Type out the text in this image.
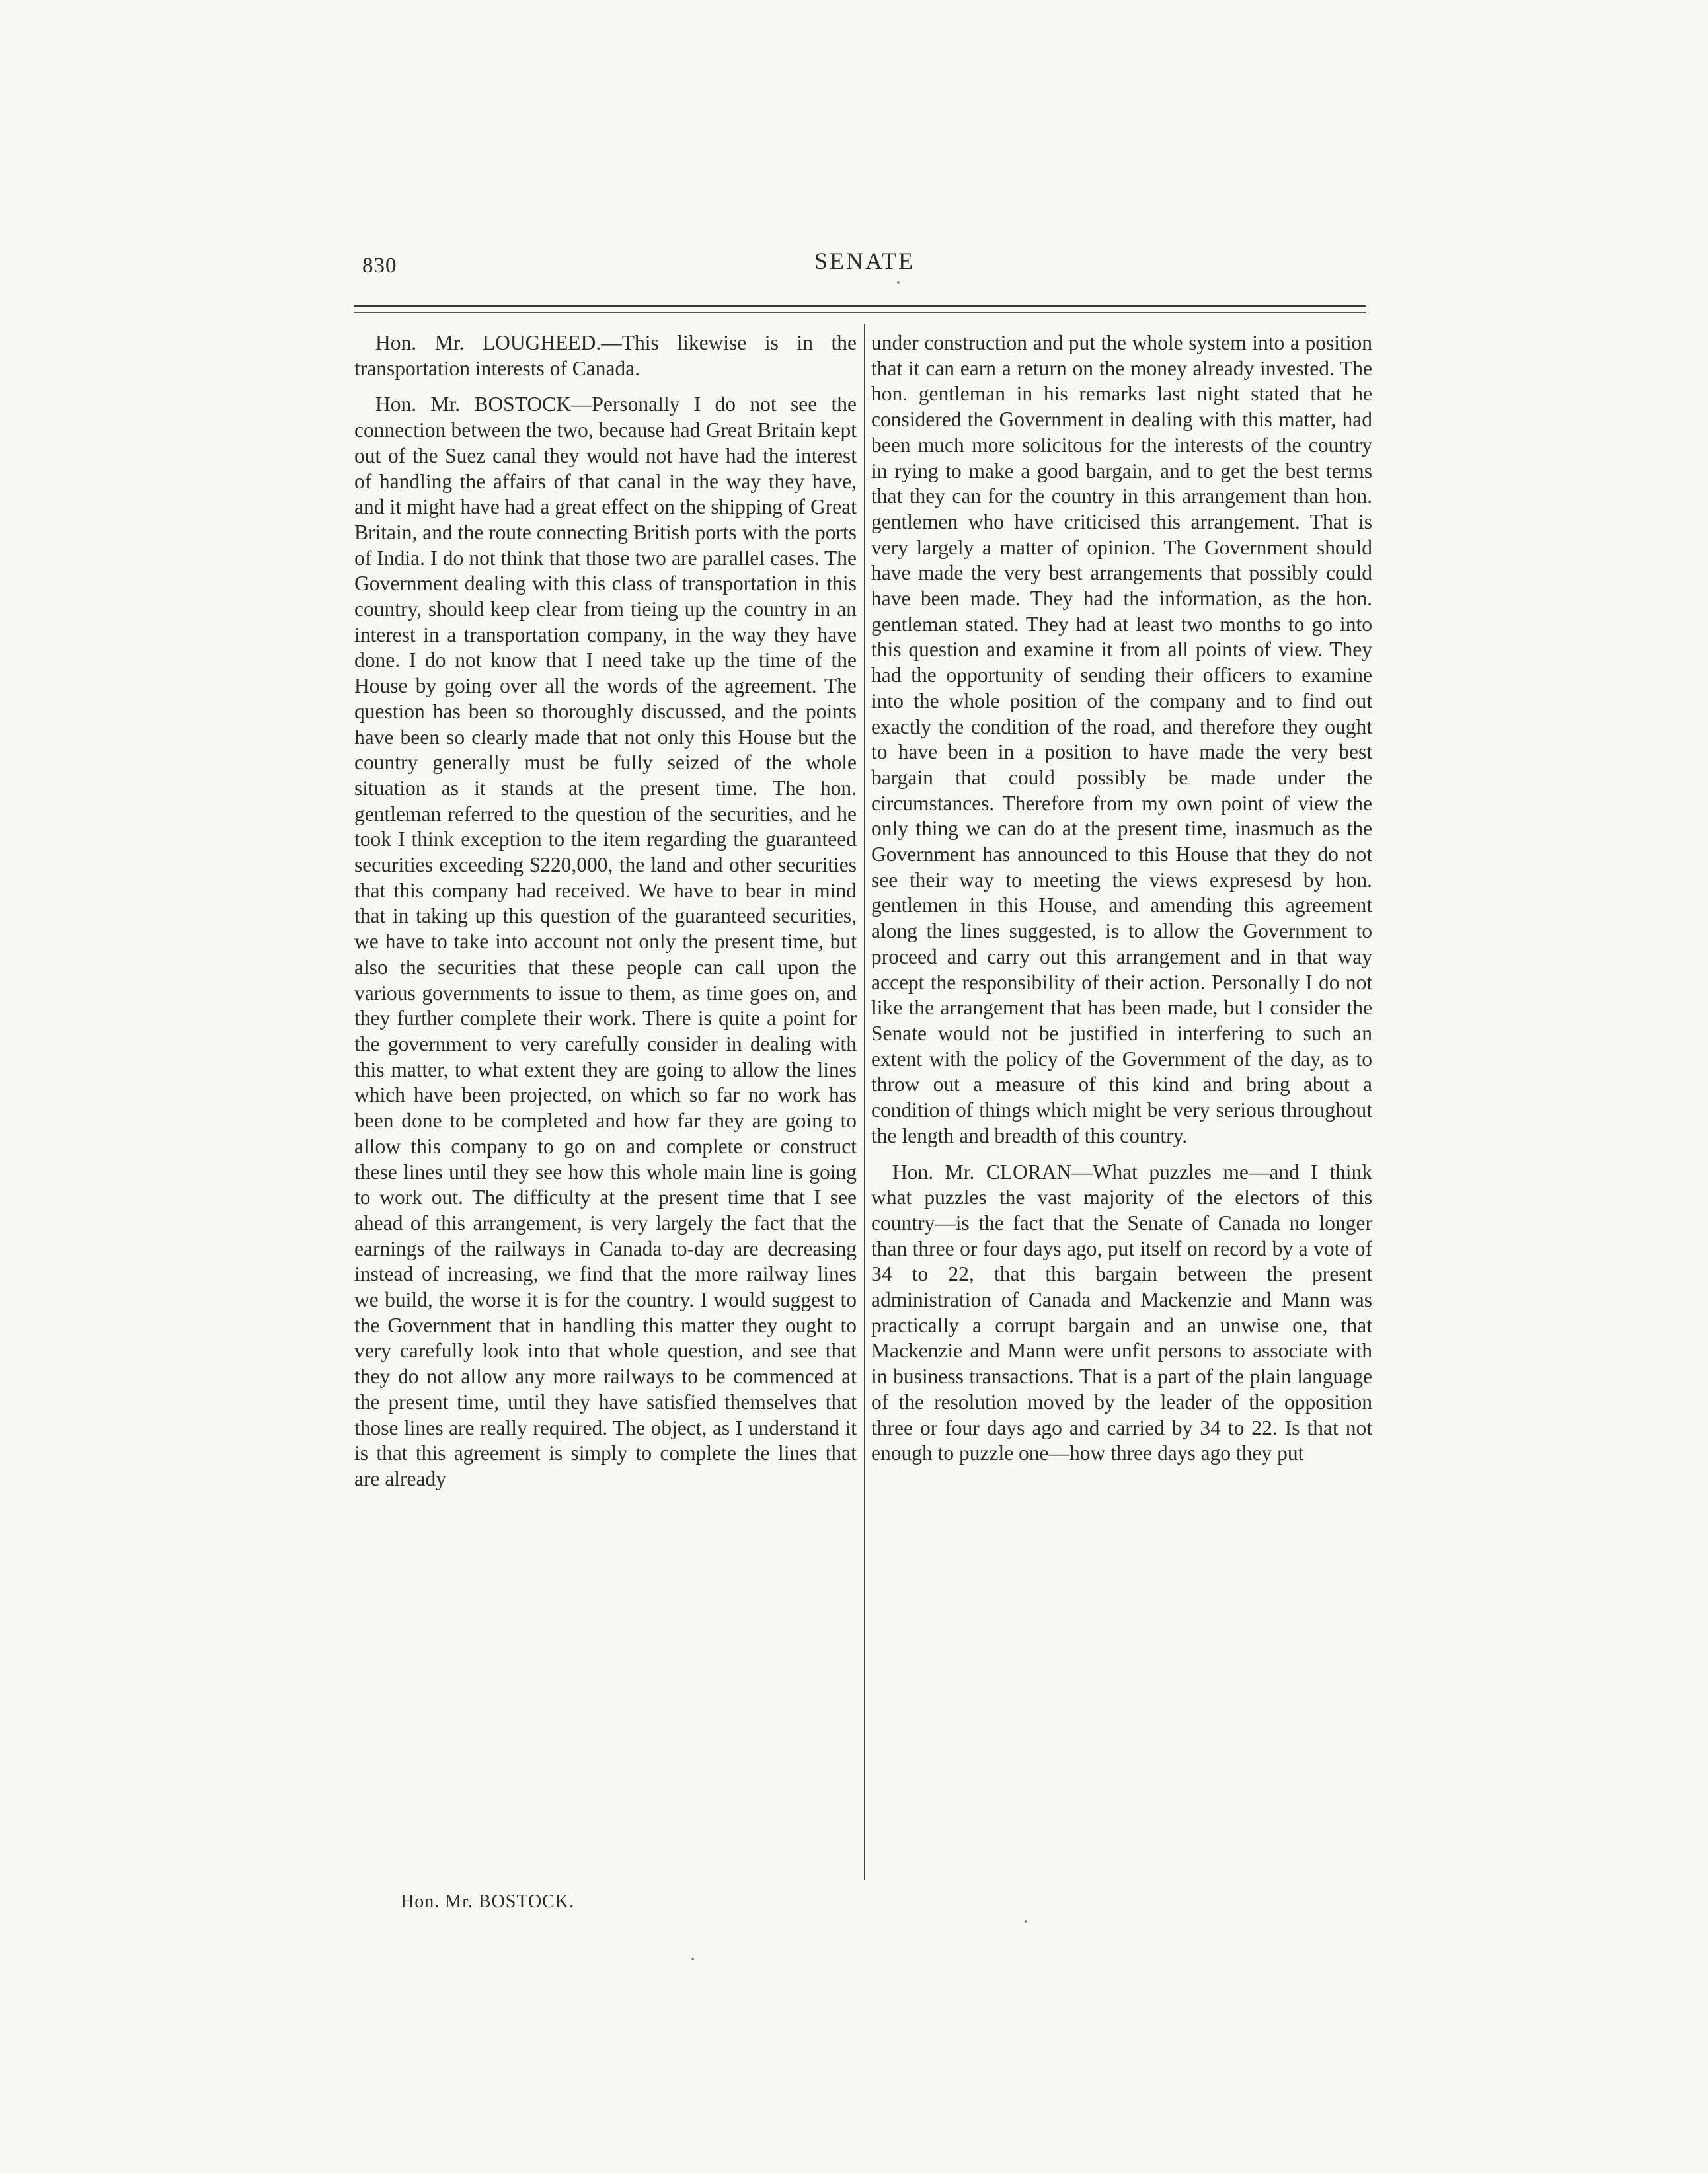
830	SENATE

Hon. Mr. LOUGHEED.—This likewise is in the transportation interests of Canada.

Hon. Mr. BOSTOCK—Personally I do not see the connection between the two, because had Great Britain kept out of the Suez canal they would not have had the interest of handling the affairs of that canal in the way they have, and it might have had a great effect on the shipping of Great Britain, and the route connecting British ports with the ports of India. I do not think that those two are parallel cases. The Government dealing with this class of transportation in this country, should keep clear from tieing up the country in an interest in a transportation company, in the way they have done. I do not know that I need take up the time of the House by going over all the words of the agreement. The question has been so thoroughly discussed, and the points have been so clearly made that not only this House but the country generally must be fully seized of the whole situation as it stands at the present time. The hon. gentleman referred to the question of the securities, and he took I think exception to the item regarding the guaranteed securities exceeding $220,000, the land and other securities that this company had received. We have to bear in mind that in taking up this question of the guaranteed securities, we have to take into account not only the present time, but also the securities that these people can call upon the various governments to issue to them, as time goes on, and they further complete their work. There is quite a point for the government to very carefully consider in dealing with this matter, to what extent they are going to allow the lines which have been projected, on which so far no work has been done to be completed and how far they are going to allow this company to go on and complete or construct these lines until they see how this whole main line is going to work out. The difficulty at the present time that I see ahead of this arrangement, is very largely the fact that the earnings of the railways in Canada to-day are decreasing instead of increasing, we find that the more railway lines we build, the worse it is for the country. I would suggest to the Government that in handling this matter they ought to very carefully look into that whole question, and see that they do not allow any more railways to be commenced at the present time, until they have satisfied themselves that those lines are really required. The object, as I understand it is that this agreement is simply to complete the lines that are already

under construction and put the whole system into a position that it can earn a return on the money already invested. The hon. gentleman in his remarks last night stated that he considered the Government in dealing with this matter, had been much more solicitous for the interests of the country in rying to make a good bargain, and to get the best terms that they can for the country in this arrangement than hon. gentlemen who have criticised this arrangement. That is very largely a matter of opinion. The Government should have made the very best arrangements that possibly could have been made. They had the information, as the hon. gentleman stated. They had at least two months to go into this question and examine it from all points of view. They had the opportunity of sending their officers to examine into the whole position of the company and to find out exactly the condition of the road, and therefore they ought to have been in a position to have made the very best bargain that could possibly be made under the circumstances. Therefore from my own point of view the only thing we can do at the present time, inasmuch as the Government has announced to this House that they do not see their way to meeting the views expresesd by hon. gentlemen in this House, and amending this agreement along the lines suggested, is to allow the Government to proceed and carry out this arrangement and in that way accept the responsibility of their action. Personally I do not like the arrangement that has been made, but I consider the Senate would not be justified in interfering to such an extent with the policy of the Government of the day, as to throw out a measure of this kind and bring about a condition of things which might be very serious throughout the length and breadth of this country.

Hon. Mr. CLORAN—What puzzles me—and I think what puzzles the vast majority of the electors of this country—is the fact that the Senate of Canada no longer than three or four days ago, put itself on record by a vote of 34 to 22, that this bargain between the present administration of Canada and Mackenzie and Mann was practically a corrupt bargain and an unwise one, that Mackenzie and Mann were unfit persons to associate with in business transactions. That is a part of the plain language of the resolution moved by the leader of the opposition three or four days ago and carried by 34 to 22. Is that not enough to puzzle one—how three days ago they put

Hon. Mr. BOSTOCK.
